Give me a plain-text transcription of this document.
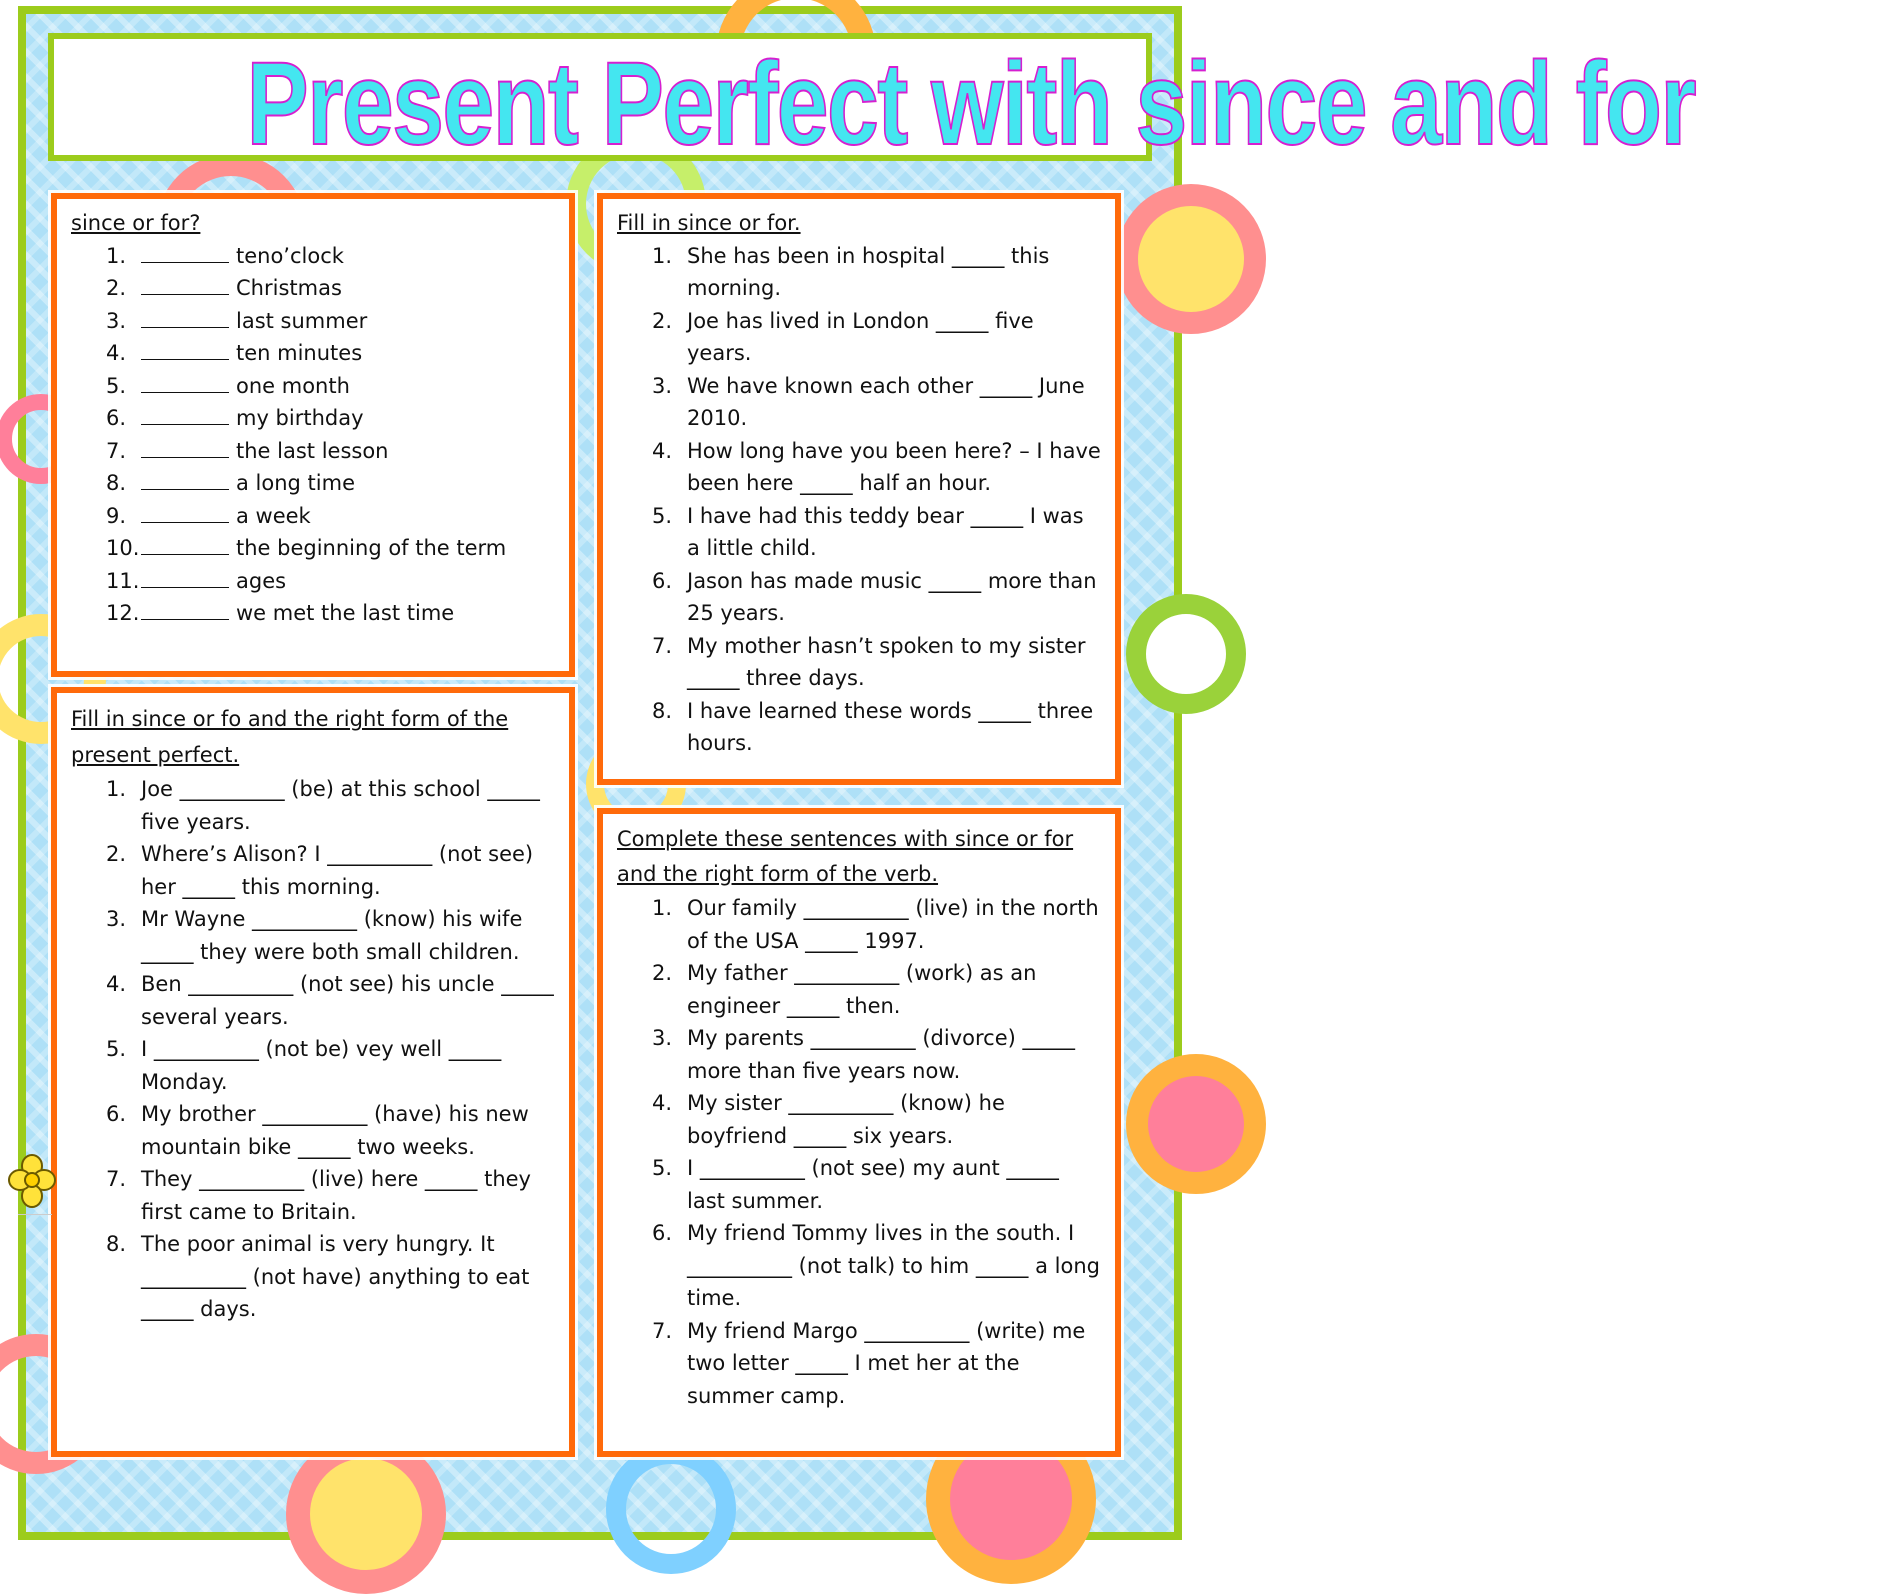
Present Perfect with since and for
since or for?
1.	teno’clock
2.	Christmas
3.	last summer
4.	ten minutes
5.	one month
6.	my birthday
7.	the last lesson
8.	a long time
9.	a week
10.	the beginning of the term
11.	ages
12.	we met the last time
Fill in since or for.
1. She has been in hospital _____ this morning.
2. Joe has lived in London _____ five years.
3. We have known each other _____ June 2010.
4. How long have you been here? – I have been here _____ half an hour.
5. I have had this teddy bear _____ I was a little child.
6. Jason has made music _____ more than 25 years.
7. My mother hasn’t spoken to my sister _____ three days.
8. I have learned these words _____ three hours.
Fill in since or fo and the right form of the present perfect.
1. Joe __________ (be) at this school _____ five years.
2. Where’s Alison? I __________ (not see) her _____ this morning.
3. Mr Wayne __________ (know) his wife _____ they were both small children.
4. Ben __________ (not see) his uncle _____ several years.
5. I __________ (not be) vey well _____ Monday.
6. My brother __________ (have) his new mountain bike _____ two weeks.
7. They __________ (live) here _____ they first came to Britain.
8. The poor animal is very hungry. It __________ (not have) anything to eat _____ days.
Complete these sentences with since or for and the right form of the verb.
1. Our family __________ (live) in the north of the USA _____ 1997.
2. My father __________ (work) as an engineer _____ then.
3. My parents __________ (divorce) _____ more than five years now.
4. My sister __________ (know) he boyfriend _____ six years.
5. I __________ (not see) my aunt _____ last summer.
6. My friend Tommy lives in the south. I __________ (not talk) to him _____ a long time.
7. My friend Margo __________ (write) me two letter _____ I met her at the summer camp.
